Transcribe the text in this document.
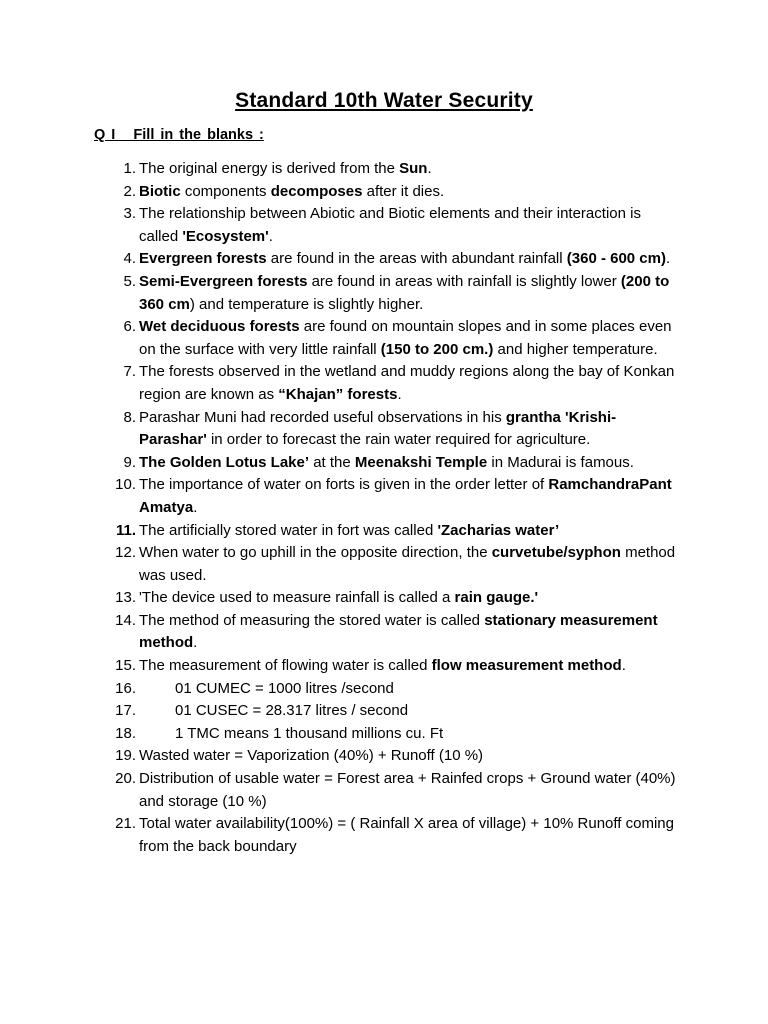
Standard 10th Water Security
Q I   Fill in the blanks :
1. The original energy is derived from the Sun.
2. Biotic components decomposes after it dies.
3. The relationship between Abiotic and Biotic elements and their interaction is called 'Ecosystem'.
4. Evergreen forests are found in the areas with abundant rainfall (360 - 600 cm).
5. Semi-Evergreen forests are found in areas with rainfall is slightly lower (200 to 360 cm) and temperature is slightly higher.
6. Wet deciduous forests are found on mountain slopes and in some places even on the surface with very little rainfall (150 to 200 cm.) and higher temperature.
7. The forests observed in the wetland and muddy regions along the bay of Konkan region are known as “Khajan” forests.
8. Parashar Muni had recorded useful observations in his grantha 'Krishi-Parashar' in order to forecast the rain water required for agriculture.
9. The Golden Lotus Lake’ at the Meenakshi Temple in Madurai is famous.
10. The importance of water on forts is given in the order letter of RamchandraPant Amatya.
11. The artificially stored water in fort was called 'Zacharias water’
12. When water to go uphill in the opposite direction, the curvetube/syphon method was used.
13. 'The device used to measure rainfall is called a rain gauge.'
14. The method of measuring the stored water is called stationary measurement method.
15. The measurement of flowing water is called flow measurement method.
16.	01 CUMEC = 1000 litres /second
17.	01 CUSEC = 28.317 litres / second
18.	1 TMC means 1 thousand millions cu. Ft
19. Wasted water = Vaporization (40%) + Runoff (10 %)
20. Distribution of usable water = Forest area + Rainfed crops + Ground water (40%) and storage (10 %)
21. Total water availability(100%) = ( Rainfall X area of village) + 10% Runoff coming from the back boundary
